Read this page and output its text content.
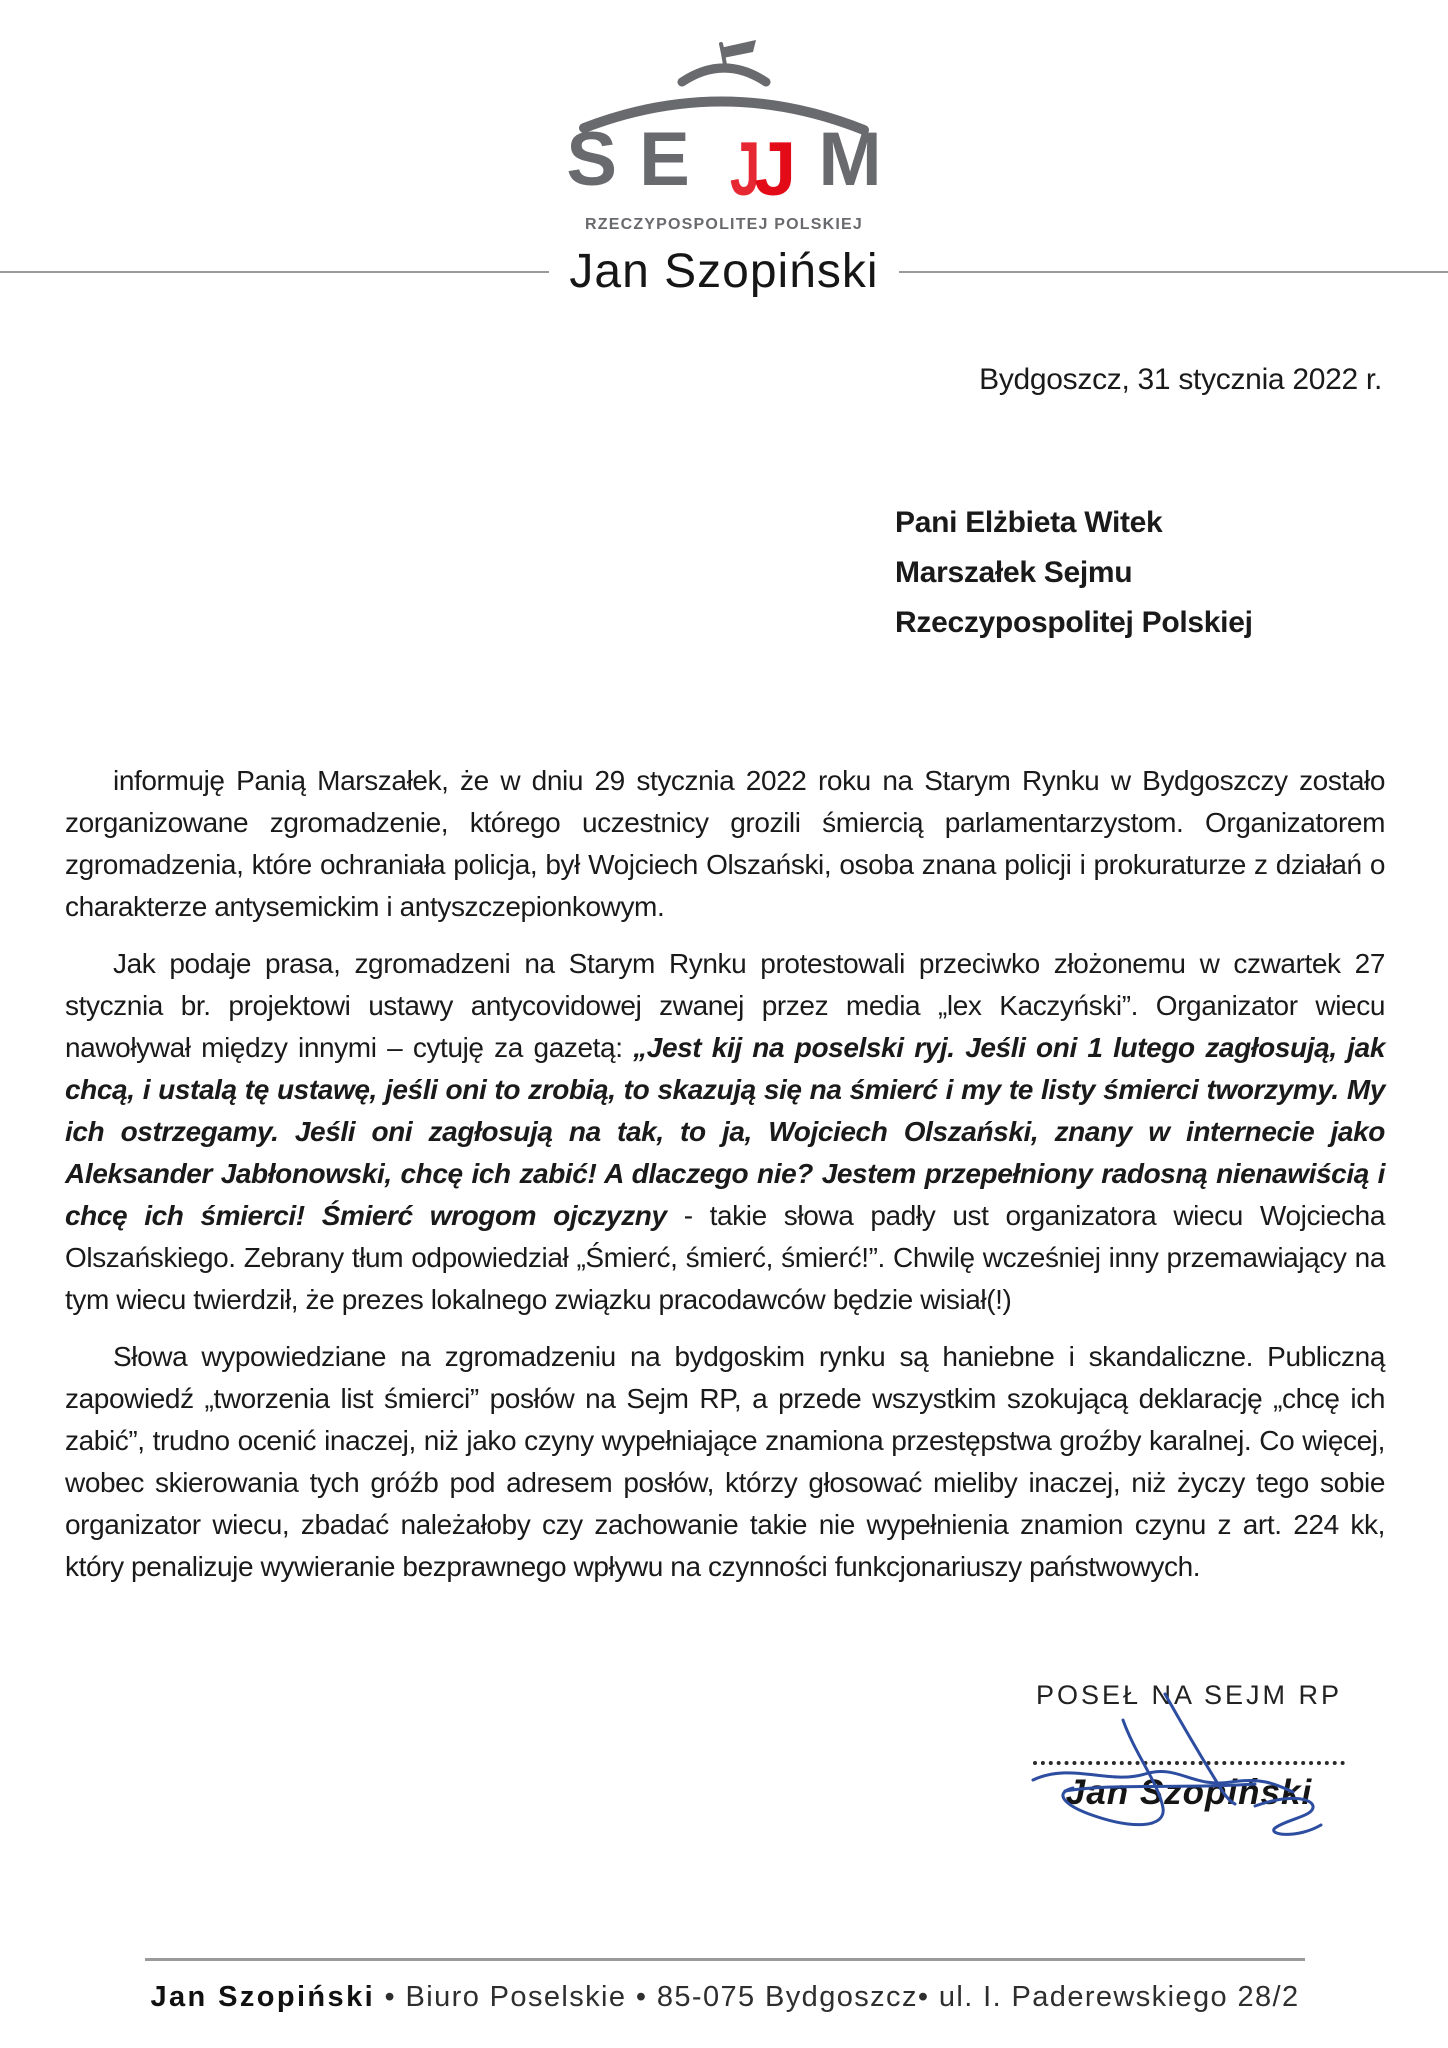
S E J
J M
RZECZYPOSPOLITEJ POLSKIEJ
Jan Szopiński
Bydgoszcz, 31 stycznia 2022 r.
Pani Elżbieta Witek
Marszałek Sejmu
Rzeczypospolitej Polskiej

informuję Panią Marszałek, że w dniu 29 stycznia 2022 roku na Starym Rynku w Bydgoszczy zostało zorganizowane zgromadzenie, którego uczestnicy grozili śmiercią parlamentarzystom. Organizatorem zgromadzenia, które ochraniała policja, był Wojciech Olszański, osoba znana policji i prokuraturze z działań o charakterze antysemickim i antyszczepionkowym.

Jak podaje prasa, zgromadzeni na Starym Rynku protestowali przeciwko złożonemu w czwartek 27 stycznia br. projektowi ustawy antycovidowej zwanej przez media „lex Kaczyński”. Organizator wiecu nawoływał między innymi – cytuję za gazetą: „Jest kij na poselski ryj. Jeśli oni 1 lutego zagłosują, jak chcą, i ustalą tę ustawę, jeśli oni to zrobią, to skazują się na śmierć i my te listy śmierci tworzymy. My ich ostrzegamy. Jeśli oni zagłosują na tak, to ja, Wojciech Olszański, znany w internecie jako Aleksander Jabłonowski, chcę ich zabić! A dlaczego nie? Jestem przepełniony radosną nienawiścią i chcę ich śmierci! Śmierć wrogom ojczyzny - takie słowa padły ust organizatora wiecu Wojciecha Olszańskiego. Zebrany tłum odpowiedział „Śmierć, śmierć, śmierć!”. Chwilę wcześniej inny przemawiający na tym wiecu twierdził, że prezes lokalnego związku pracodawców będzie wisiał(!)

Słowa wypowiedziane na zgromadzeniu na bydgoskim rynku są haniebne i skandaliczne. Publiczną zapowiedź „tworzenia list śmierci” posłów na Sejm RP, a przede wszystkim szokującą deklarację „chcę ich zabić”, trudno ocenić inaczej, niż jako czyny wypełniające znamiona przestępstwa groźby karalnej. Co więcej, wobec skierowania tych gróźb pod adresem posłów, którzy głosować mieliby inaczej, niż życzy tego sobie organizator wiecu, zbadać należałoby czy zachowanie takie nie wypełnienia znamion czynu z art. 224 kk, który penalizuje wywieranie bezprawnego wpływu na czynności funkcjonariuszy państwowych.

POSEŁ NA SEJM RP
Jan Szopiński
Jan Szopiński • Biuro Poselskie • 85-075 Bydgoszcz• ul. I. Paderewskiego 28/2
